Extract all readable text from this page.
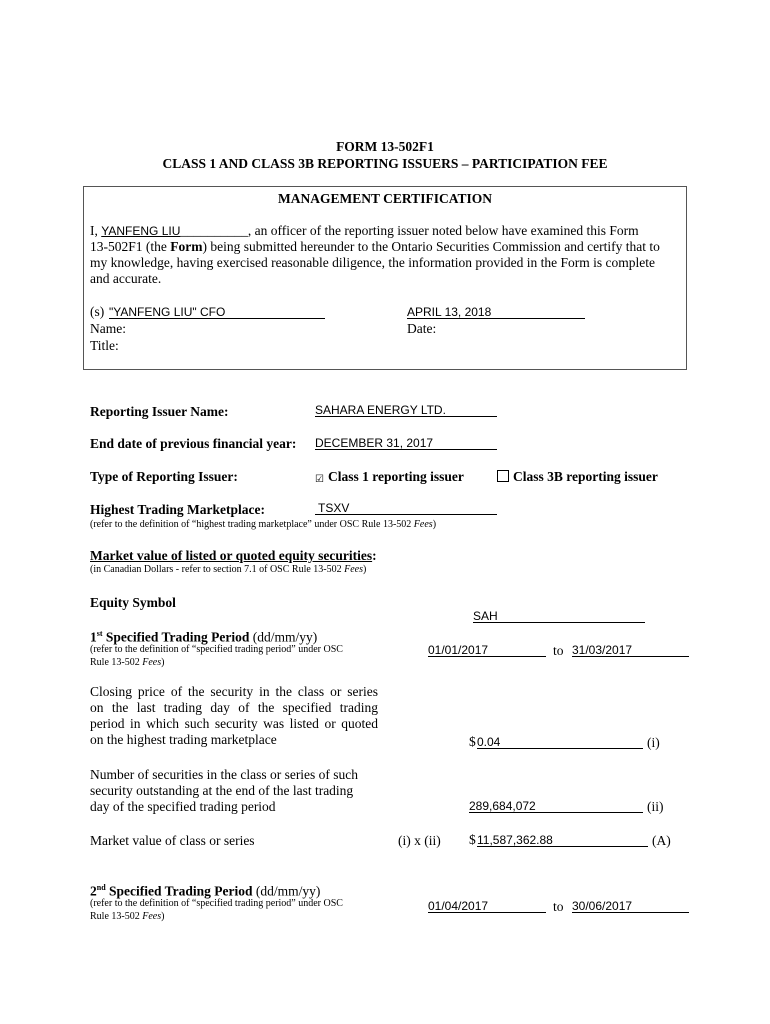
FORM 13-502F1
CLASS 1 AND CLASS 3B REPORTING ISSUERS – PARTICIPATION FEE
MANAGEMENT CERTIFICATION
I, YANFENG LIU__________, an officer of the reporting issuer noted below have examined this Form
13-502F1 (the Form) being submitted hereunder to the Ontario Securities Commission and certify that to
my knowledge, having exercised reasonable diligence, the information provided in the Form is complete
and accurate.
(s) "YANFENG LIU" CFO
Name:
Title:
APRIL 13, 2018
Date:
Reporting Issuer Name:	SAHARA ENERGY LTD.
End date of previous financial year: DECEMBER 31, 2017
Type of Reporting Issuer:	☑ Class 1 reporting issuer	Class 3B reporting issuer
Highest Trading Marketplace:	TSXV
(refer to the definition of “highest trading marketplace” under OSC Rule 13-502 Fees)
Market value of listed or quoted equity securities:
(in Canadian Dollars - refer to section 7.1 of OSC Rule 13-502 Fees)
Equity Symbol
SAH
1st Specified Trading Period (dd/mm/yy)
(refer to the definition of “specified trading period” under OSC
Rule 13-502 Fees)
01/01/2017	to 31/03/2017
Closing price of the security in the class or series
on the last trading day of the specified trading
period in which such security was listed or quoted
on the highest trading marketplace	$ 0.04	(i)
Number of securities in the class or series of such
security outstanding at the end of the last trading
day of the specified trading period	289,684,072	(ii)
Market value of class or series	(i) x (ii) $ 11,587,362.88	(A)
2nd Specified Trading Period (dd/mm/yy)
(refer to the definition of “specified trading period” under OSC
Rule 13-502 Fees)
01/04/2017	to 30/06/2017
